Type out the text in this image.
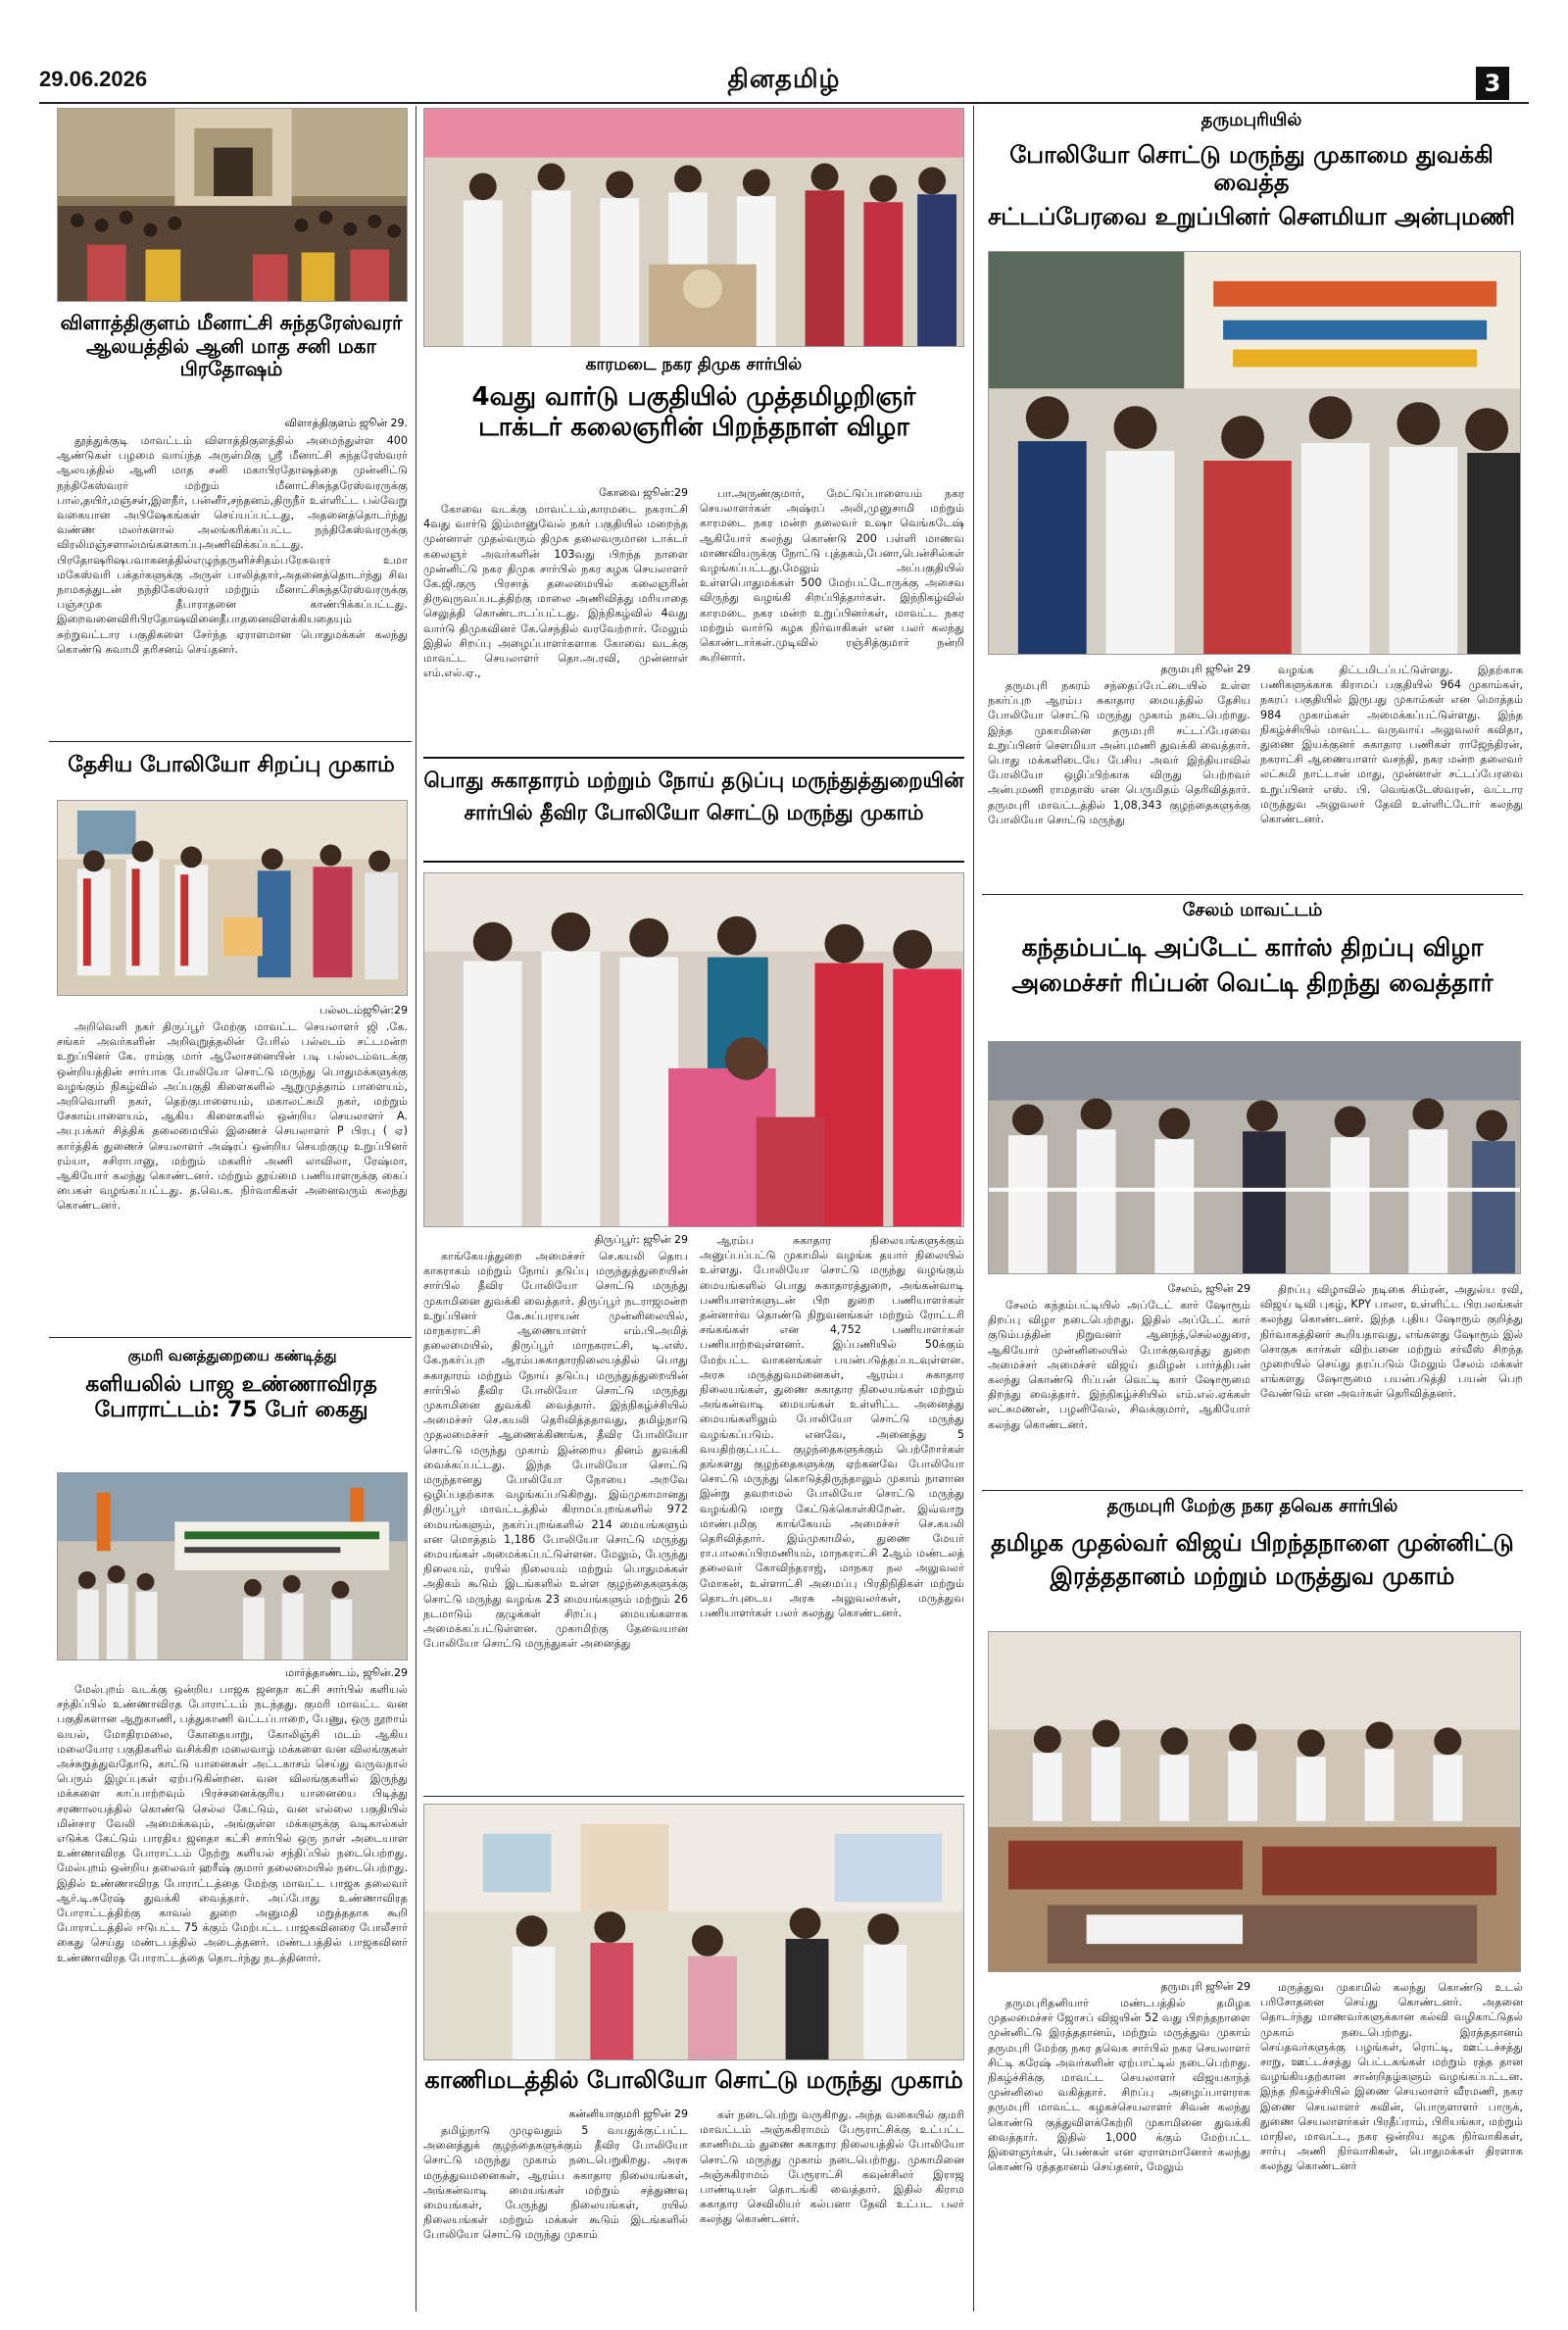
29.06.2026	தினதமிழ்	3
விளாத்திகுளம் மீனாட்சி சுந்தரேஸ்வரர்
ஆலயத்தில் ஆனி மாத சனி மகா பிரதோஷம்
விளாத்திகுளம் ஜூன் 29.

தூத்துக்குடி மாவட்டம் விளாத்திகுளத்தில் அமைந்துள்ள 400 ஆண்டுகள் பழமை வாய்ந்த அருள்மிகு ஸ்ரீ மீனாட்சி சுந்தரேஸ்வரர் ஆலயத்தில் ஆனி மாத சனி மகாபிரதோஷத்தை முன்னிட்டு நந்திகேஸ்வரர் மற்றும் மீனாட்சிசுந்தரேஸ்வரருக்கு பால்,தயிர்,மஞ்சள்,இளநீர், பன்னீர்,சந்தனம்,திருநீர் உள்ளிட்ட பல்வேறு வகையான அபிஷேகங்கள் செய்யப்பட்டது, அதனைத்தொடர்ந்து வண்ண மலர்களால் அலங்கரிக்கப்பட்ட நந்திகேஸ்வரருக்கு விரலிமஞ்சளால்மங்களகாப்புஅணிவிக்கப்பட்டது. பிரதோஷரிஷபவாகனத்தில்எழுந்தருளிச்சிதம்பரேசுவரர் உமா மகேஸ்வரி பக்தர்களுக்கு அருள் பாலித்தார்,அதனைத்தொடர்ந்து சிவ நாமகத்துடன் நந்திகேஸ்வரர் மற்றும் மீனாட்சிசுந்தரேஸ்வரருக்கு பஞ்சமுக தீபாராதனை காண்பிக்கப்பட்டது. இறைவனைவிரிபிரதோஷவினைதீபாதனைவிளக்கியதையும் சுற்றுவட்டார பகுதிகளை சேர்ந்த ஏராளமான பொதுமக்கள் கலந்து கொண்டு சுவாமி தரிசனம் செய்தனர்.

தேசிய போலியோ சிறப்பு முகாம்
பல்லடம்ஜூன்:29

அறிவெளி நகர் திருப்பூர் மேற்கு மாவட்ட செயலாளர் ஜி .கே. சங்கர் அவர்களின் அறிவுறுத்தலின் பேரில் பல்லடம் சட்டமன்ற உறுப்பினர் கே. ராம்கு மார் ஆலோசனையின் படி பல்லடம்வடக்கு ஒன்றியத்தின் சார்பாக போலியோ சொட்டு மருந்து பொதுமக்களுக்கு வழங்கும் நிகழ்வில் அப்பகுதி கிளைகளில் ஆறுமுத்தாம் பாளையம், அறிவொளி நகர், தெற்குபாளையம், மகாலட்சுமி நகர், மற்றும் சேகாம்பாளையம், ஆகிய கிளைகளில் ஒன்றிய செயலாளர் A. அபுபக்கர் சித்திக் தலைமையில் இணைச் செயலாளர் P பிரபு ( ஏ) கார்த்திக் துணைச் செயலாளர் அஷ்ரப் ஒன்றிய செயற்குழு உறுப்பினர் ரம்யா, சசிராபானு, மற்றும் மகளிர் அணி லாவிலா, ரேஷ்மா, ஆகியோர் கலந்து கொண்டனர். மற்றும் தூய்மை பணியாளருக்கு கைப் பைகள் வழங்கப்பட்டது. த.வெ.க. நிர்வாகிகள் அனைவரும் கலந்து கொண்டனர்.

குமரி வனத்துறையை கண்டித்து
களியலில் பாஜ உண்ணாவிரத
போராட்டம்: 75 பேர் கைது
மார்த்தாண்டம், ஜூன்.29

மேல்புறம் வடக்கு ஒன்றிய பாஜக ஜனதா கட்சி சார்பில் களியல் சந்திப்பில் உண்ணாவிரத போராட்டம் நடந்தது. குமரி மாவட்ட வன பகுதிகளான ஆறுகாணி, பத்துகாணி வட்டப்பாறை, பேணு, ஒரு நூறாம் வயல், மோதிரமலை, கோதையாறு, கோலிஞ்சி மடம் ஆகிய மலையோர பகுதிகளில் வசிக்கிற மலைவாழ் மக்களை வன விலங்குகள் அச்சுறுத்துவதோடு, காட்டு யானைகள் அட்டகாசம் செய்து வருவதால் பெரும் இழப்புகள் ஏற்படுகின்றன. வன விலங்குகளில் இருந்து மக்களை காப்பாற்றவும் பிரச்சனைக்குரிய யானையை பிடித்து சரணாலயத்தில் கொண்டு செல்ல கேட்டும், வன எல்லை பகுதியில் மின்சார வேலி அமைக்கவும், அங்குள்ள மக்களுக்கு வடிகால்கள் எடுக்க கேட்டும் பாரதிய ஜனதா கட்சி சார்பில் ஒரு நாள் அடையாள உண்ணாவிரத போராட்டம் நேற்று களியல் சந்திப்பில் நடைபெற்றது. மேல்புறம் ஒன்றிய தலைவர் ஹரீஷ் குமார் தலைமையில் நடைபெற்றது. இதில் உண்ணாவிரத போராட்டத்தை மேற்கு மாவட்ட பாஜக தலைவர் ஆர்.டி.சுரேஷ் துவக்கி வைத்தார். அப்போது உண்ணாவிரத போராட்டத்திற்கு காவல் துறை அனுமதி மறுத்ததாக கூறி போராட்டத்தில் ஈடுபட்ட 75 க்கும் மேற்பட்ட பாஜகவினரை போலீசார் கைது செய்து மண்டபத்தில் அடைத்தனர். மண்டபத்தில் பாஜகவினர் உண்ணாவிரத போராட்டத்தை தொடர்ந்து நடத்தினார்.

காரமடை நகர திமுக சார்பில்
4வது வார்டு பகுதியில் முத்தமிழறிஞர்
டாக்டர் கலைஞரின் பிறந்தநாள் விழா
கோவை ஜூன்:29

கோவை வடக்கு மாவட்டம்,காரமடை நகராட்சி 4வது வார்டு இம்மானுவேல் நகர் பகுதியில் மறைந்த முன்னாள் முதல்வரும் திமுக தலைவருமான டாக்டர் கலைஞர் அவர்களின் 103வது பிறந்த நாளை முன்னிட்டு நகர திமுக சார்பில் நகர கழக செயலாளர் கே.ஜி.குரு பிரசாத் தலைமையில் கலைஞரின் திருவுருவப்படத்திற்கு மாலை அணிவித்து மரியாதை செலுத்தி கொண்டாடப்பட்டது. இந்நிகழ்வில் 4வது வார்டு திமுகவினர் கே.செந்தில் வரவேற்றார். மேலும் இதில் சிறப்பு அழைப்பாளர்களாக கோவை வடக்கு மாவட்ட செயலாளர் தொ.அ.ரவி, முன்னாள் எம்.எல்.ஏ.,

பா.அருண்குமார், மேட்டுப்பாளையம் நகர செயலாளர்கள் அஷ்ரப் அலி,முனுசாமி மற்றும் காரமடை நகர மன்ற தலைவர் உஷா வெங்கடேஷ் ஆகியோர் கலந்து கொண்டு 200 பள்ளி மாணவ மாணவியருக்கு நோட்டு புத்தகம்,பேனா,பென்சில்கள் வழங்கப்பட்டது.மேலும் அப்பகுதியில் உள்ளபொதுமக்கள் 500 மேற்பட்டோருக்கு அசைவ விருந்து வழங்கி சிறப்பித்தார்கள். இந்நிகழ்வில் காரமடை நகர மன்ற உறுப்பினர்கள், மாவட்ட நகர மற்றும் வார்டு கழக நிர்வாகிகள் என பலர் கலந்து கொண்டார்கள்.முடிவில் ரஞ்சித்குமார் நன்றி கூறினார்.

பொது சுகாதாரம் மற்றும் நோய் தடுப்பு மருந்துத்துறையின்
சார்பில் தீவிர போலியோ சொட்டு மருந்து முகாம்
திருப்பூர்: ஜூன் 29

காங்கேயத்துறை அமைச்சர் செ.கயலி தொப காகராகம் மற்றும் நோய் தடுப்பு மருந்துத்துறையின் சார்பில் தீவிர போலியோ சொட்டு மருந்து முகாமினை துவக்கி வைத்தார். திருப்பூர் நடராஜமன்ற உறுப்பினர் கே.சுப்பராயன் முன்னிலையில், மாநகராட்சி ஆணையாளர் எம்.பி.அமித் தலைமையில், திருப்பூர் மாநகராட்சி, டி.எஸ். கே.நகர்ப்புற ஆரம்பசுகாதாரநிலையத்தில் பொது சுகாதாரம் மற்றும் நோய் தடுப்பு மருந்துத்துறையின் சார்பில் தீவிர போலியோ சொட்டு மருந்து முகாமினை துவக்கி வைத்தார். இந்நிகழ்ச்சியில் அமைச்சர் செ.கயலி தெரிவித்ததாவது, தமிழ்நாடு முதலமைச்சர் ஆணைக்கிணங்க, தீவிர போலியோ சொட்டு மருந்து முகாம் இன்றைய தினம் துவக்கி வைக்கப்பட்டது. இந்த போலியோ சொட்டு மருந்தானது போலியோ நோயை அறவே ஒழிப்பதற்காக வழங்கப்படுகிறது. இம்முகாமானது திருப்பூர் மாவட்டத்தில் கிராமப்புறங்களில் 972 மையங்களும், நகர்ப்புறங்களில் 214 மையங்களும் என மொத்தம் 1,186 போலியோ சொட்டு மருந்து மையங்கள் அமைக்கப்பட்டுள்ளன. மேலும், பேருந்து நிலையம், ரயில் நிலையம் மற்றும் பொதுமக்கள் அதிகம் கூடும் இடங்களில் உள்ள குழந்தைகளுக்கு சொட்டு மருந்து வழங்க 23 மையங்களும் மற்றும் 26 நடமாடும் குழுக்கள் சிறப்பு மையங்களாக அமைக்கப்பட்டுள்ளன. முகாமிற்கு தேவையான போலியோ சொட்டு மருந்துகள் அனைத்து

ஆரம்ப சுகாதார நிலையங்களுக்கும் அனுப்பப்பட்டு முகாமில் வழங்க தயார் நிலையில் உள்ளது. போலியோ சொட்டு மருந்து வழங்கும் மையங்களில் பொது சுகாதாரத்துறை, அங்கன்வாடி பணியாளர்களுடன் பிற துறை பணியாளர்கள் தன்னார்வ தொண்டு நிறுவனங்கள் மற்றும் ரோட்டரி சங்கங்கள் என 4,752 பணியாளர்கள் பணியாற்றவுள்ளனர். இப்பணியில் 50க்கும் மேற்பட்ட வாகனங்கள் பயன்படுத்தப்படவுள்ளன. அரசு மருத்துவமனைகள், ஆரம்ப சுகாதார நிலையங்கள், துணை சுகாதார நிலையங்கள் மற்றும் அங்கன்வாடி மையங்கள் உள்ளிட்ட அனைத்து மையங்களிலும் போலியோ சொட்டு மருந்து வழங்கப்படும். எனவே, அனைத்து 5 வயதிற்குட்பட்ட குழந்தைகளுக்கும் பெற்றோர்கள் தங்களது குழந்தைகளுக்கு ஏற்கனவே போலியோ சொட்டு மருந்து கொடுத்திருந்தாலும் முகாம் நாளான இன்று தவறாமல் போலியோ சொட்டு மருந்து வழங்கிடு மாறு கேட்டுக்கொள்கிறேன். இவ்வாறு மாண்புமிகு காங்கேயம் அமைச்சர் செ.கயலி தெரிவித்தார். இம்முகாமில், துணை மேயர் ரா.பாலசுப்பிரமணியம், மாநகராட்சி 2ஆம் மண்டலத் தலைவர் கோவிந்தராஜ், மாநகர நல அலுவலர் மோகன், உள்ளாட்சி அமைப்பு பிரதிநிதிகள் மற்றும் தொடர்புடைய அரசு அலுவலர்கள், மருத்துவ பணியாளர்கள் பலர் கலந்து கொண்டனர்.

காணிமடத்தில் போலியோ சொட்டு மருந்து முகாம்
கன்னியாகுமரி ஜூன் 29

தமிழ்நாடு முழுவதும் 5 வயதுக்குட்பட்ட அனைத்துக் குழந்தைகளுக்கும் தீவிர போலியோ சொட்டு மருந்து முகாம் நடைபெறுகிறது. அரசு மருத்துவமனைகள், ஆரம்ப சுகாதார நிலையங்கள், அங்கன்வாடி மையங்கள் மற்றும் சத்துணவு மையங்கள், பேருந்து நிலையங்கள், ரயில் நிலையங்கள் மற்றும் மக்கள் கூடும் இடங்களில் போலியோ சொட்டு மருந்து முகாம்

கள் நடைபெற்று வருகிறது. அந்த வகையில் குமரி மாவட்டம் அஞ்சுகிராமம் பேரூராட்சிக்கு உட்பட்ட காணிமடம் துணை சுகாதார நிலையத்தில் போலியோ சொட்டு மருந்து முகாம் நடைபெற்றது. முகாமினை அஞ்சுகிராமம் பேரூராட்சி கவுன்சிலர் இராஜ பாண்டியன் தொடங்கி வைத்தார். இதில் கிராம சுகாதார செவிலியர் கல்பனா தேவி உட்பட பலர் கலந்து கொண்டனர்.

தருமபுரியில்
போலியோ சொட்டு மருந்து முகாமை துவக்கி வைத்த
சட்டப்பேரவை உறுப்பினர் சௌமியா அன்புமணி
தருமபுரி ஜூன் 29

தருமபுரி நகரம் சந்தைப்பேட்டையில் உள்ள நகர்ப்புற ஆரம்ப சுகாதார மையத்தில் தேசிய போலியோ சொட்டு மருந்து முகாம் நடைபெற்றது. இந்த முகாமினை தருமபுரி சட்டப்பேரவை உறுப்பினர் சௌமியா அன்புமணி துவக்கி வைத்தார். பொது மக்களிடையே பேசிய அவர் இந்தியாவில் போலியோ ஒழிப்பிற்காக விருது பெற்றவர் அன்புமணி ராமதாஸ் என பெருமிதம் தெரிவித்தார். தருமபுரி மாவட்டத்தில் 1,08,343 குழந்தைகளுக்கு போலியோ சொட்டு மருந்து

வழங்க திட்டமிடப்பட்டுள்ளது. இதற்காக பணிகளுக்காக கிராமப் பகுதியில் 964 முகாம்கள், நகரப் பகுதியில் இருபது முகாம்கள் என மொத்தம் 984 முகாம்கள் அமைக்கப்பட்டுள்ளது. இந்த நிகழ்ச்சியில் மாவட்ட வருவாய் அலுவலர் கவிதா, துணை இயக்குனர் சுகாதார பணிகள் ராஜேந்திரன், நகராட்சி ஆணையாளர் வசந்தி, நகர மன்ற தலைவர் லட்சுமி நாட்டான் மாது, முன்னாள் சட்டப்பேரவை உறுப்பினர் எஸ். பி. வெங்கடேஸ்வரன், வட்டார மருத்துவ அலுவலர் தேவி உள்ளிட்டோர் கலந்து கொண்டனர்.

சேலம் மாவட்டம்
கந்தம்பட்டி அப்டேட் கார்ஸ் திறப்பு விழா
அமைச்சர் ரிப்பன் வெட்டி திறந்து வைத்தார்
சேலம், ஜூன் 29

சேலம் கந்தம்பட்டியில் அப்டேட் கார் ஷோரூம் திறப்பு விழா நடைபெற்றது. இதில் அப்டேட் கார் குடும்பத்தின் நிறுவனர் ஆனந்த்,செல்லதுரை, ஆகியோர் முன்னிலையில் போக்குவரத்து துறை அமைச்சர் அமைச்சர் விஜய் தமிழன் பார்த்திபன் கலந்து கொண்டு ரிப்பன் வெட்டி கார் ஷோரூமை திறந்து வைத்தார். இந்நிகழ்ச்சியில் எம்.எல்.ஏக்கள் லட்சுமணன், பழனிவேல், சிவக்குமார், ஆகியோர் கலந்து கொண்டனர்.

திறப்பு விழாவில் நடிகை சிம்ரன், அதுல்ய ரவி, விஜய் டிவி புகழ், KPY பாலா, உள்ளிட்ட பிரபலங்கள் கலந்து கொண்டனர். இந்த புதிய ஷோரூம் குறித்து நிர்வாகத்தினர் கூறியதாவது, எங்களது ஷோரூம் இல் சொகுசு கார்கள் விற்பனை மற்றும் சர்வீஸ் சிறந்த முறையில் செய்து தரப்படும் மேலும் சேலம் மக்கள் எங்களது ஷோரூமை பயன்படுத்தி பயன் பெற வேண்டும் என அவர்கள் தெரிவித்தனர்.

தருமபுரி மேற்கு நகர தவெக சார்பில்
தமிழக முதல்வர் விஜய் பிறந்தநாளை முன்னிட்டு
இரத்ததானம் மற்றும் மருத்துவ முகாம்
தருமபுரி ஜூன் 29

தருமபுரிதனியார் மண்டபத்தில் தமிழக முதலமைச்சர் ஜோசப் விஜயின் 52 வது பிறந்தநாளை முன்னிட்டு இரத்ததானம், மற்றும் மருத்துவ முகாம் தருமபுரி மேற்கு நகர தவெக சார்பில் நகர செயலாளர் சிட்டி கரேஷ் அவர்களின் ஏற்பாட்டில் நடைபெற்றது. நிகழ்ச்சிக்கு மாவட்ட செயலாளர் விஜயகாந்த் முன்னிலை வகித்தார். சிறப்பு அழைப்பாளராக தருமபுரி மாவட்ட கழகச்செயலாளர் சிவன் கலந்து கொண்டு குத்துவிளக்கேற்றி முகாமினை துவக்கி வைத்தார். இதில் 1,000 க்கும் மேற்பட்ட இளைஞர்கள், பெண்கள் என ஏராளமானோர் கலந்து கொண்டு ரத்ததானம் செய்தனர், மேலும்

மருத்துவ முகாமில் கலந்து கொண்டு உடல் பரிசோதனை செய்து கொண்டனர். அதனை தொடர்ந்து மாணவர்களுக்கான கல்வி வழிகாட்டுதல் முகாம் நடைபெற்றது. இரத்ததானம் செய்தவர்களுக்கு பழங்கள், ரொட்டி, ஊட்டச்சத்து சாறு, ஊட்டச்சத்து பெட்டகங்கள் மற்றும் ரத்த தான வழங்கியதற்கான சான்றிதழ்களும் வழங்கப்பட்டன. இந்த நிகழ்ச்சியில் இணை செயலாளர் வீரமணி, நகர இணை செயலாளர் சுவின், பொருளாளர் பாருக், துணை செயலாளர்கள் பிரதீப்ராம், பிரியங்கா, மற்றும் மாநில, மாவட்ட, நகர ஒன்றிய கழக நிர்வாகிகள், சார்பு அணி நிர்வாகிகள், பொதுமக்கள் திரளாக கலந்து கொண்டனர்
